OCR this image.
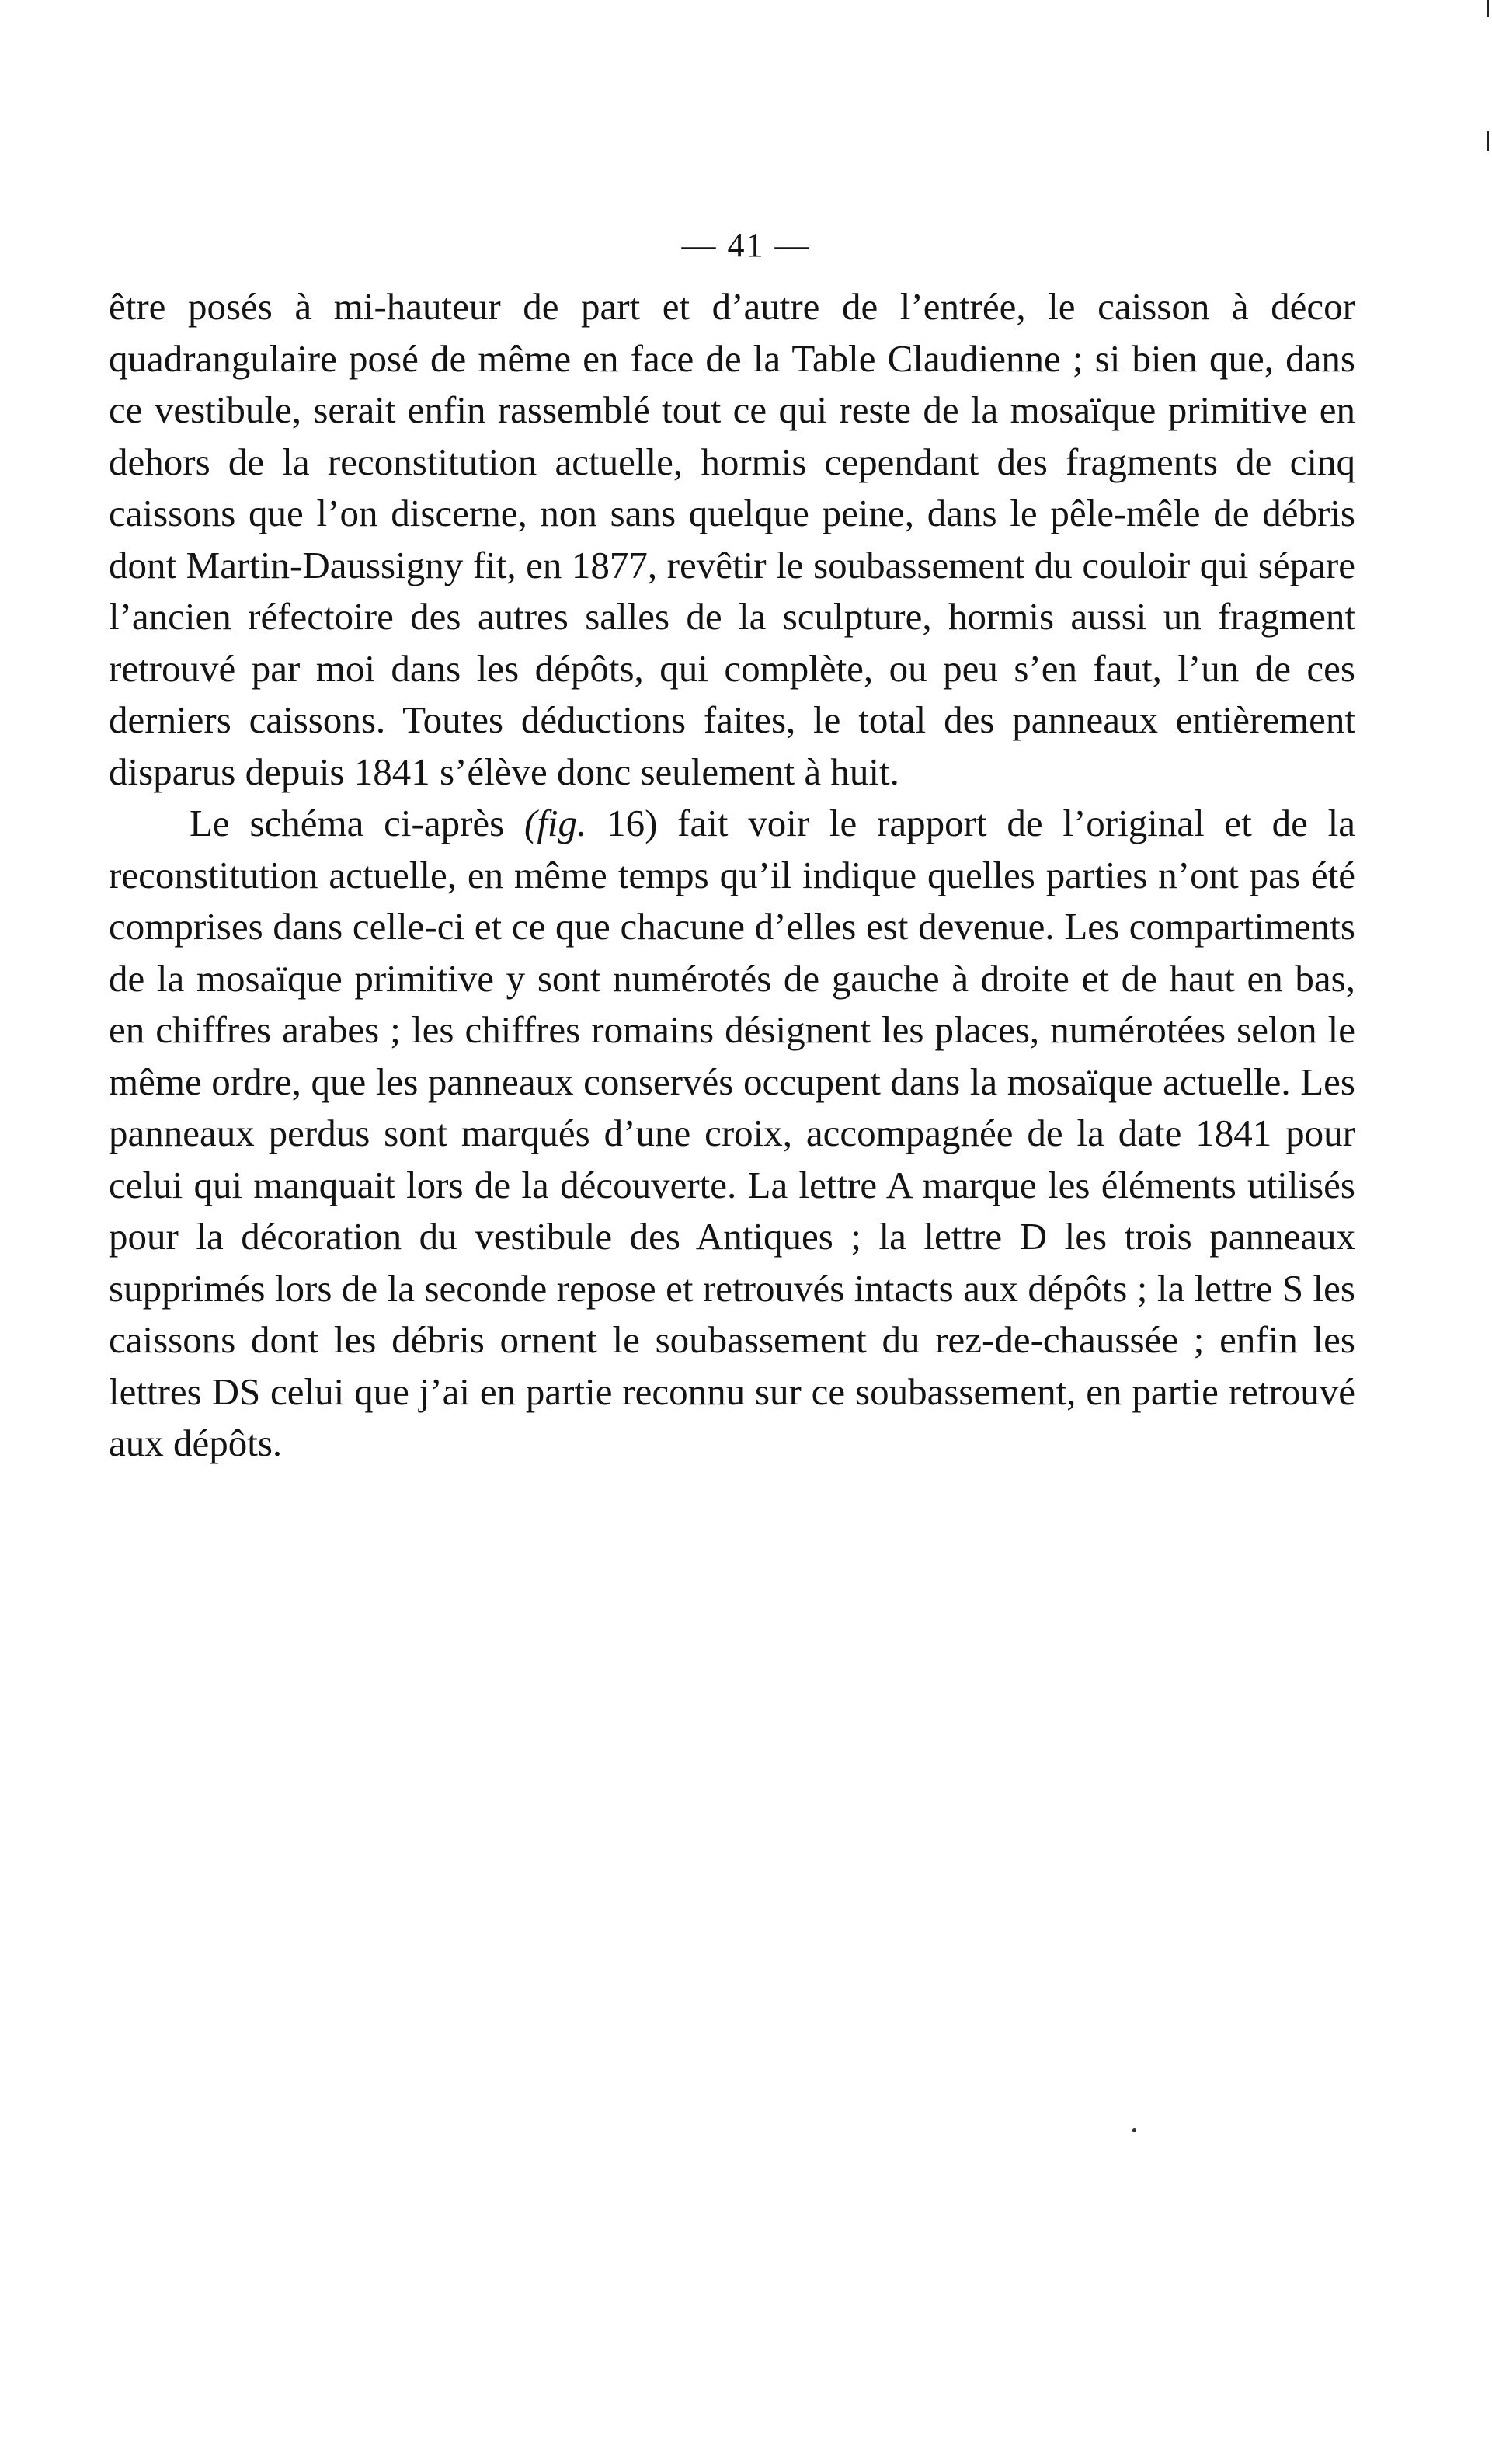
— 41 —

être posés à mi-hauteur de part et d’autre de l’entrée, le caisson à décor quadrangulaire posé de même en face de la Table Claudienne ; si bien que, dans ce vestibule, serait enfin rassemblé tout ce qui reste de la mosaïque primitive en dehors de la reconstitution actuelle, hormis cependant des fragments de cinq caissons que l’on discerne, non sans quelque peine, dans le pêle-mêle de débris dont Martin-Daussigny fit, en 1877, revêtir le soubassement du couloir qui sépare l’ancien réfectoire des autres salles de la sculpture, hormis aussi un fragment retrouvé par moi dans les dépôts, qui complète, ou peu s’en faut, l’un de ces derniers caissons. Toutes déductions faites, le total des panneaux entièrement disparus depuis 1841 s’élève donc seulement à huit.

Le schéma ci-après (fig. 16) fait voir le rapport de l’original et de la reconstitution actuelle, en même temps qu’il indique quelles parties n’ont pas été comprises dans celle-ci et ce que chacune d’elles est devenue. Les compartiments de la mosaïque primitive y sont numérotés de gauche à droite et de haut en bas, en chiffres arabes ; les chiffres romains désignent les places, numérotées selon le même ordre, que les panneaux conservés occupent dans la mosaïque actuelle. Les panneaux perdus sont marqués d’une croix, accompagnée de la date 1841 pour celui qui manquait lors de la découverte. La lettre A marque les éléments utilisés pour la décoration du vestibule des Antiques ; la lettre D les trois panneaux supprimés lors de la seconde repose et retrouvés intacts aux dépôts ; la lettre S les caissons dont les débris ornent le soubassement du rez-de-chaussée ; enfin les lettres DS celui que j’ai en partie reconnu sur ce soubassement, en partie retrouvé aux dépôts.
